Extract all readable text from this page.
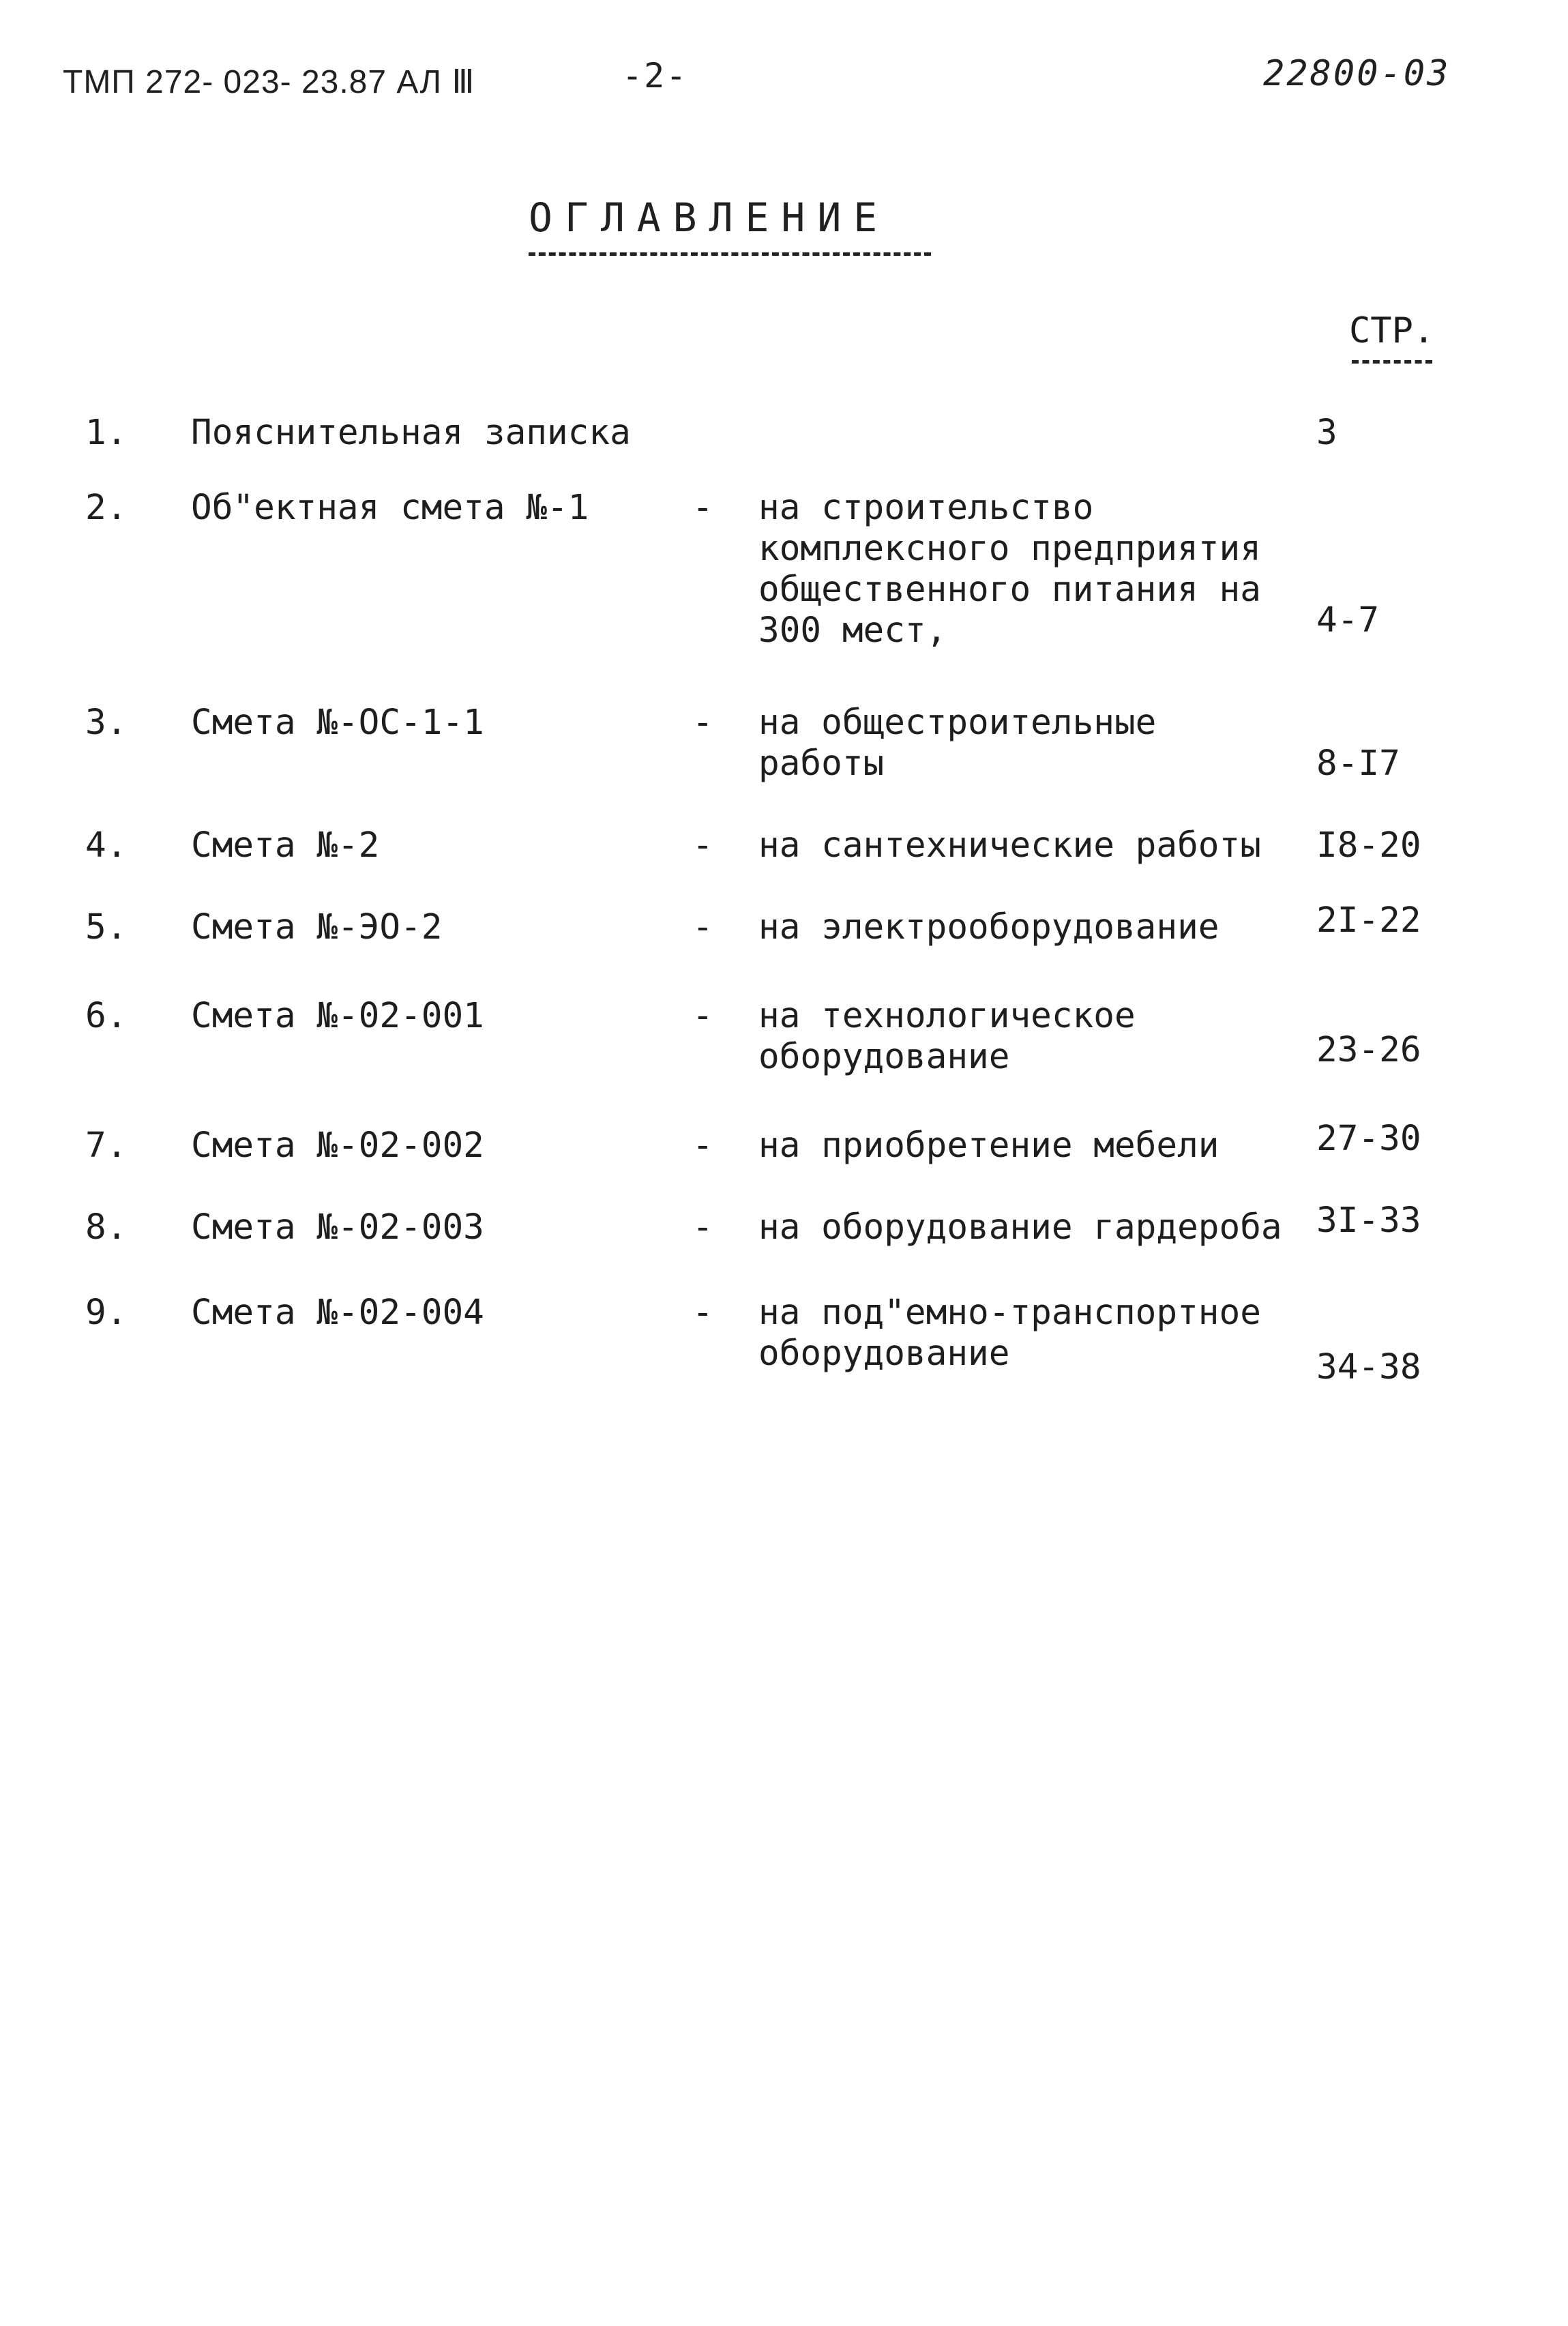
ТМП 272- 023- 23.87 АЛ Ⅲ	-2-	22800-03
ОГЛАВЛЕНИЕ
СТР.
1. Пояснительная записка	3
2. Об"ектная смета №-1	- на строительство
комплексного предприятия
общественного питания на
300 мест,	4-7
3. Смета №-ОС-1-1	- на общестроительные
работы	8-I7
4. Смета №-2	- на сантехнические работы I8-20
5. Смета №-ЭО-2	- на электрооборудование	2I-22
6. Смета №-02-001	- на технологическое
оборудование	23-26
7. Смета №-02-002	- на приобретение мебели	27-30
8. Смета №-02-003	- на оборудование гардероба 3I-33
9. Смета №-02-004	- на под"емно-транспортное
оборудование	34-38
